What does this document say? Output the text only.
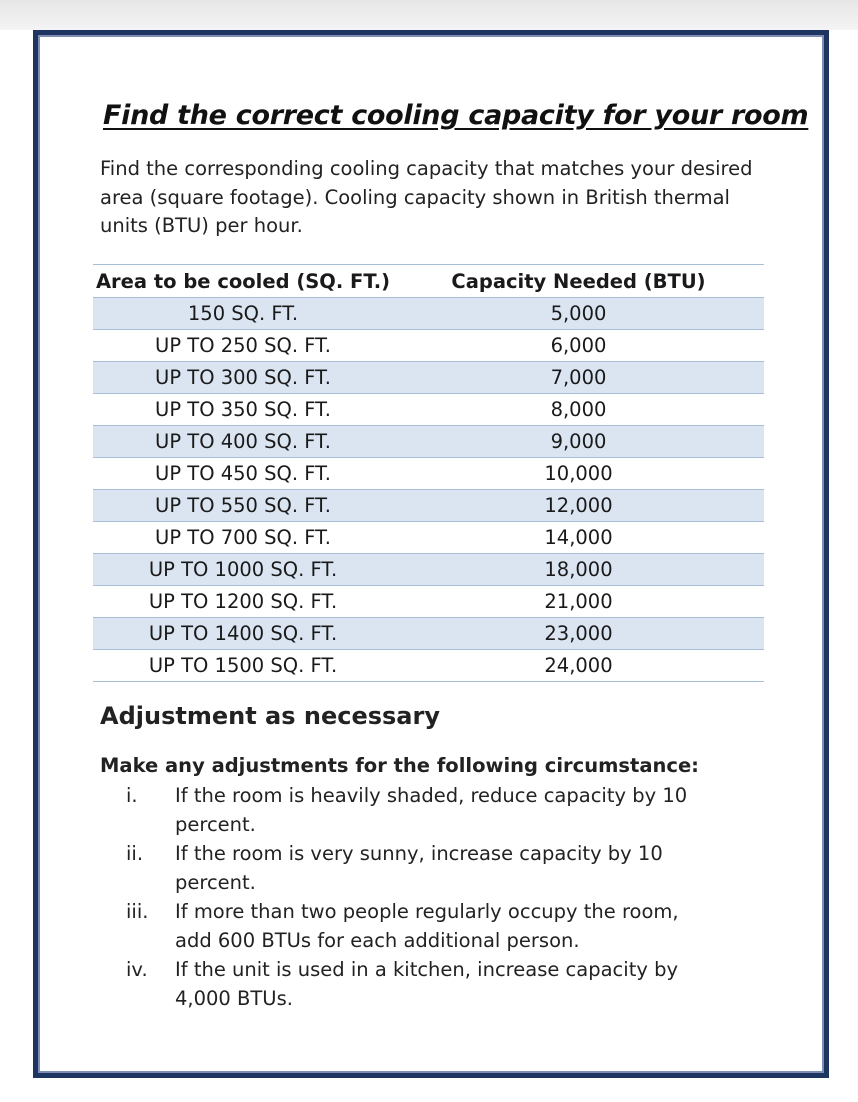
Find the correct cooling capacity for your room
Find the corresponding cooling capacity that matches your desired area (square footage). Cooling capacity shown in British thermal units (BTU) per hour.
Area to be cooled (SQ. FT.)	Capacity Needed (BTU)
150 SQ. FT.	5,000
UP TO 250 SQ. FT.	6,000
UP TO 300 SQ. FT.	7,000
UP TO 350 SQ. FT.	8,000
UP TO 400 SQ. FT.	9,000
UP TO 450 SQ. FT.	10,000
UP TO 550 SQ. FT.	12,000
UP TO 700 SQ. FT.	14,000
UP TO 1000 SQ. FT.	18,000
UP TO 1200 SQ. FT.	21,000
UP TO 1400 SQ. FT.	23,000
UP TO 1500 SQ. FT.	24,000
Adjustment as necessary
Make any adjustments for the following circumstance:
i.	If the room is heavily shaded, reduce capacity by 10 percent.
ii.	If the room is very sunny, increase capacity by 10 percent.
iii.	If more than two people regularly occupy the room, add 600 BTUs for each additional person.
iv.	If the unit is used in a kitchen, increase capacity by 4,000 BTUs.
